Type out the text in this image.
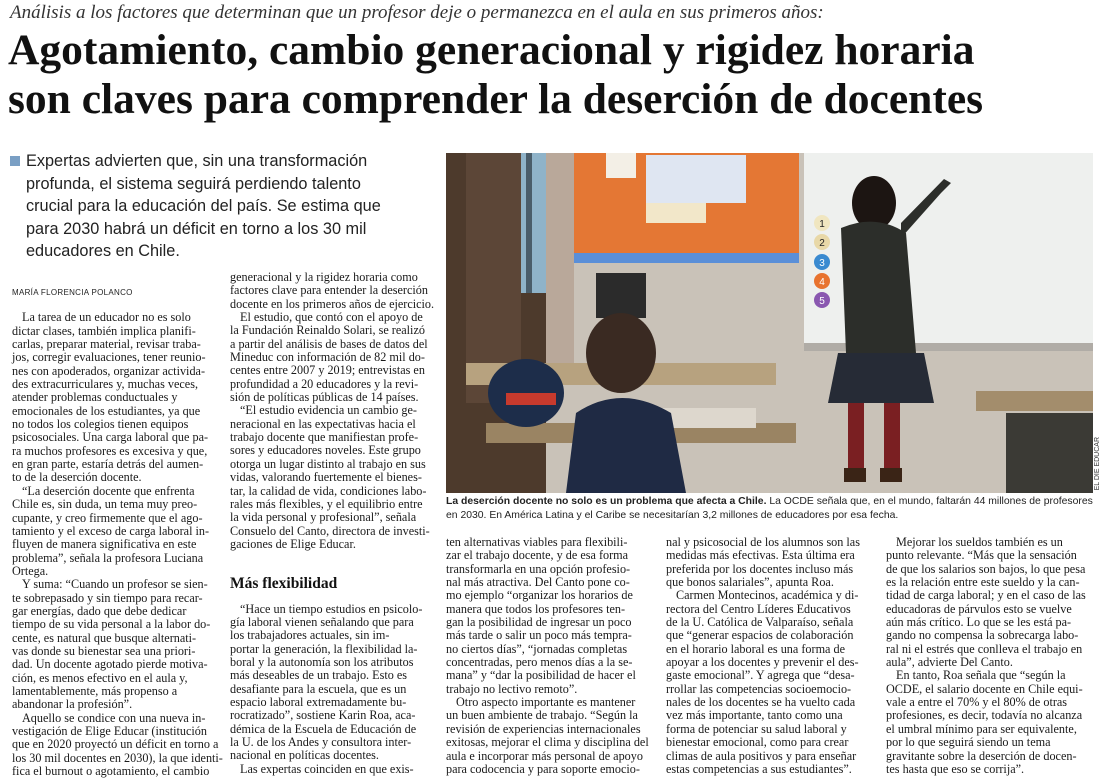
Análisis a los factores que determinan que un profesor deje o permanezca en el aula en sus primeros años:
Agotamiento, cambio generacional y rigidez horaria
son claves para comprender la deserción de docentes
Expertas advierten que, sin una transformación
profunda, el sistema seguirá perdiendo talento
crucial para la educación del país. Se estima que
para 2030 habrá un déficit en torno a los 30 mil
educadores en Chile.
1
2
3
4
5
EL DIE EDUCAR
La deserción docente no solo es un problema que afecta a Chile. La OCDE señala que, en el mundo, faltarán 44 millones de profesores
en 2030. En América Latina y el Caribe se necesitarían 3,2 millones de educadores por esa fecha.
MARÍA FLORENCIA POLANCO
La tarea de un educador no es solo
dictar clases, también implica planifi-
carlas, preparar material, revisar traba-
jos, corregir evaluaciones, tener reunio-
nes con apoderados, organizar activida-
des extracurriculares y, muchas veces,
atender problemas conductuales y
emocionales de los estudiantes, ya que
no todos los colegios tienen equipos
psicosociales. Una carga laboral que pa-
ra muchos profesores es excesiva y que,
en gran parte, estaría detrás del aumen-
to de la deserción docente.
“La deserción docente que enfrenta
Chile es, sin duda, un tema muy preo-
cupante, y creo firmemente que el ago-
tamiento y el exceso de carga laboral in-
fluyen de manera significativa en este
problema”, señala la profesora Luciana
Ortega.
Y suma: “Cuando un profesor se sien-
te sobrepasado y sin tiempo para recar-
gar energías, dado que debe dedicar
tiempo de su vida personal a la labor do-
cente, es natural que busque alternati-
vas donde su bienestar sea una priori-
dad. Un docente agotado pierde motiva-
ción, es menos efectivo en el aula y,
lamentablemente, más propenso a
abandonar la profesión”.
Aquello se condice con una nueva in-
vestigación de Elige Educar (institución
que en 2020 proyectó un déficit en torno a
los 30 mil docentes en 2030), la que identi-
fica el burnout o agotamiento, el cambio
generacional y la rigidez horaria como
factores clave para entender la deserción
docente en los primeros años de ejercicio.
El estudio, que contó con el apoyo de
la Fundación Reinaldo Solari, se realizó
a partir del análisis de bases de datos del
Mineduc con información de 82 mil do-
centes entre 2007 y 2019; entrevistas en
profundidad a 20 educadores y la revi-
sión de políticas públicas de 14 países.
“El estudio evidencia un cambio ge-
neracional en las expectativas hacia el
trabajo docente que manifiestan profe-
sores y educadores noveles. Este grupo
otorga un lugar distinto al trabajo en sus
vidas, valorando fuertemente el bienes-
tar, la calidad de vida, condiciones labo-
rales más flexibles, y el equilibrio entre
la vida personal y profesional”, señala
Consuelo del Canto, directora de investi-
gaciones de Elige Educar.
Más flexibilidad
“Hace un tiempo estudios en psicolo-
gía laboral vienen señalando que para
los trabajadores actuales, sin im-
portar la generación, la flexibilidad la-
boral y la autonomía son los atributos
más deseables de un trabajo. Esto es
desafiante para la escuela, que es un
espacio laboral extremadamente bu-
rocratizado”, sostiene Karin Roa, aca-
démica de la Escuela de Educación de
la U. de los Andes y consultora inter-
nacional en políticas docentes.
Las expertas coinciden en que exis-
ten alternativas viables para flexibili-
zar el trabajo docente, y de esa forma
transformarla en una opción profesio-
nal más atractiva. Del Canto pone co-
mo ejemplo “organizar los horarios de
manera que todos los profesores ten-
gan la posibilidad de ingresar un poco
más tarde o salir un poco más tempra-
no ciertos días”, “jornadas completas
concentradas, pero menos días a la se-
mana” y “dar la posibilidad de hacer el
trabajo no lectivo remoto”.
Otro aspecto importante es mantener
un buen ambiente de trabajo. “Según la
revisión de experiencias internacionales
exitosas, mejorar el clima y disciplina del
aula e incorporar más personal de apoyo
para codocencia y para soporte emocio-
nal y psicosocial de los alumnos son las
medidas más efectivas. Esta última era
preferida por los docentes incluso más
que bonos salariales”, apunta Roa.
Carmen Montecinos, académica y di-
rectora del Centro Líderes Educativos
de la U. Católica de Valparaíso, señala
que “generar espacios de colaboración
en el horario laboral es una forma de
apoyar a los docentes y prevenir el des-
gaste emocional”. Y agrega que “desa-
rrollar las competencias socioemocio-
nales de los docentes se ha vuelto cada
vez más importante, tanto como una
forma de potenciar su salud laboral y
bienestar emocional, como para crear
climas de aula positivos y para enseñar
estas competencias a sus estudiantes”.
Mejorar los sueldos también es un
punto relevante. “Más que la sensación
de que los salarios son bajos, lo que pesa
es la relación entre este sueldo y la can-
tidad de carga laboral; y en el caso de las
educadoras de párvulos esto se vuelve
aún más crítico. Lo que se les está pa-
gando no compensa la sobrecarga labo-
ral ni el estrés que conlleva el trabajo en
aula”, advierte Del Canto.
En tanto, Roa señala que “según la
OCDE, el salario docente en Chile equi-
vale a entre el 70% y el 80% de otras
profesiones, es decir, todavía no alcanza
el umbral mínimo para ser equivalente,
por lo que seguirá siendo un tema
gravitante sobre la deserción de docen-
tes hasta que eso se corrija”.
